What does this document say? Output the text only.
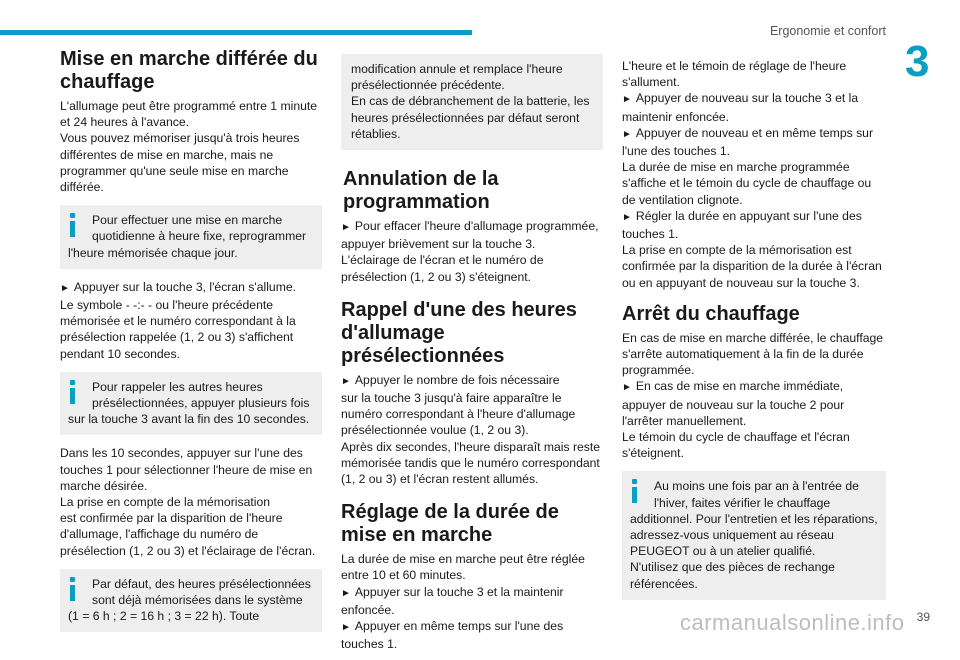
Ergonomie et confort
3
Mise en marche différée du chauffage

L'allumage peut être programmé entre 1 minute
et 24 heures à l'avance.
Vous pouvez mémoriser jusqu'à trois heures
différentes de mise en marche, mais ne
programmer qu'une seule mise en marche
différée.

Pour effectuer une mise en marche
quotidienne à heure fixe, reprogrammer
l'heure mémorisée chaque jour.

► Appuyer sur la touche 3, l'écran s'allume.
Le symbole - -:- - ou l'heure précédente
mémorisée et le numéro correspondant à la
présélection rappelée (1, 2 ou 3) s'affichent
pendant 10 secondes.

Pour rappeler les autres heures
présélectionnées, appuyer plusieurs fois
sur la touche 3 avant la fin des 10 secondes.

Dans les 10 secondes, appuyer sur l'une des
touches 1 pour sélectionner l'heure de mise en
marche désirée.
La prise en compte de la mémorisation
est confirmée par la disparition de l'heure
d'allumage, l'affichage du numéro de
présélection (1, 2 ou 3) et l'éclairage de l'écran.

Par défaut, des heures présélectionnées
sont déjà mémorisées dans le système
(1 = 6 h ; 2 = 16 h ; 3 = 22 h). Toute
modification annule et remplace l'heure
présélectionnée précédente.
En cas de débranchement de la batterie, les
heures présélectionnées par défaut seront
rétablies.
Annulation de la programmation

► Pour effacer l'heure d'allumage programmée,
appuyer brièvement sur la touche 3.
L'éclairage de l'écran et le numéro de
présélection (1, 2 ou 3) s'éteignent.

Rappel d'une des heures d'allumage présélectionnées

► Appuyer le nombre de fois nécessaire
sur la touche 3 jusqu'à faire apparaître le
numéro correspondant à l'heure d'allumage
présélectionnée voulue (1, 2 ou 3).
Après dix secondes, l'heure disparaît mais reste
mémorisée tandis que le numéro correspondant
(1, 2 ou 3) et l'écran restent allumés.

Réglage de la durée de mise en marche

La durée de mise en marche peut être réglée
entre 10 et 60 minutes.
► Appuyer sur la touche 3 et la maintenir
enfoncée.
► Appuyer en même temps sur l'une des
touches 1.

L'heure et le témoin de réglage de l'heure
s'allument.
► Appuyer de nouveau sur la touche 3 et la
maintenir enfoncée.
► Appuyer de nouveau et en même temps sur
l'une des touches 1.
La durée de mise en marche programmée
s'affiche et le témoin du cycle de chauffage ou
de ventilation clignote.
► Régler la durée en appuyant sur l'une des
touches 1.
La prise en compte de la mémorisation est
confirmée par la disparition de la durée à l'écran
ou en appuyant de nouveau sur la touche 3.

Arrêt du chauffage

En cas de mise en marche différée, le chauffage
s'arrête automatiquement à la fin de la durée
programmée.
► En cas de mise en marche immédiate,
appuyer de nouveau sur la touche 2 pour
l'arrêter manuellement.
Le témoin du cycle de chauffage et l'écran
s'éteignent.

Au moins une fois par an à l'entrée de
l'hiver, faites vérifier le chauffage
additionnel. Pour l'entretien et les réparations,
adressez-vous uniquement au réseau
PEUGEOT ou à un atelier qualifié.
N'utilisez que des pièces de rechange
référencées.
carmanualsonline.info 39
